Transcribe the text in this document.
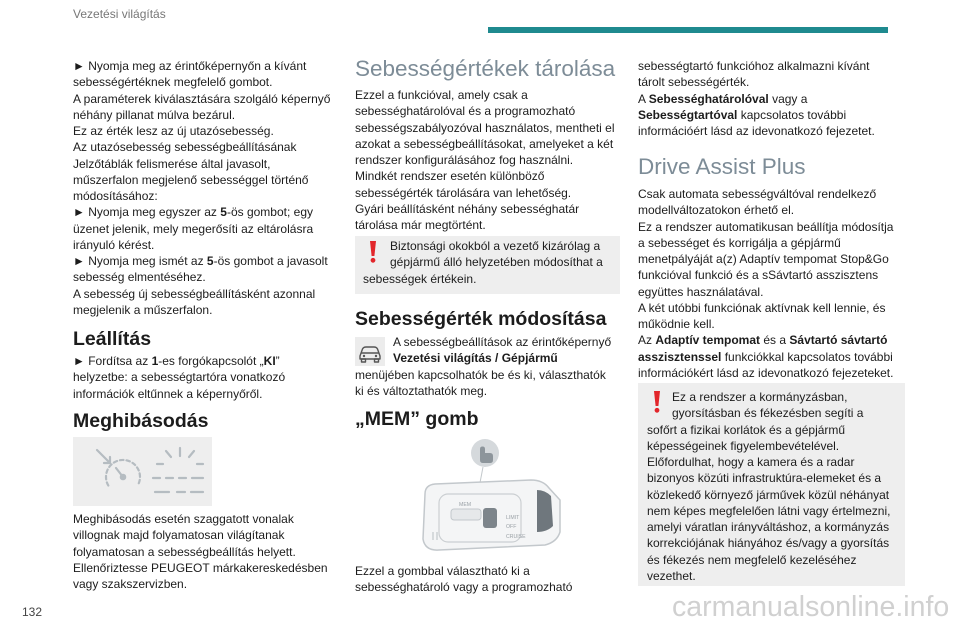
Vezetési világítás
► Nyomja meg az érintőképernyőn a kívánt
sebességértéknek megfelelő gombot.
A paraméterek kiválasztására szolgáló képernyő
néhány pillanat múlva bezárul.
Ez az érték lesz az új utazósebesség.
Az utazósebesség sebességbeállításának
Jelzőtáblák felismerése által javasolt,
műszerfalon megjelenő sebességgel történő
módosításához:
► Nyomja meg egyszer az 5-ös gombot; egy
üzenet jelenik, mely megerősíti az eltárolásra
irányuló kérést.
► Nyomja meg ismét az 5-ös gombot a javasolt
sebesség elmentéséhez.
A sebesség új sebességbeállításként azonnal
megjelenik a műszerfalon.
Leállítás
► Fordítsa az 1-es forgókapcsolót „KI”
helyzetbe: a sebességtartóra vonatkozó
információk eltűnnek a képernyőről.
Meghibásodás
Meghibásodás esetén szaggatott vonalak
villognak majd folyamatosan világítanak
folyamatosan a sebességbeállítás helyett.
Ellenőriztesse PEUGEOT márkakereskedésben
vagy szakszervizben.
Sebességértékek tárolása
Ezzel a funkcióval, amely csak a
sebességhatárolóval és a programozható
sebességszabályozóval használatos, mentheti el
azokat a sebességbeállításokat, amelyeket a két
rendszer konfigurálásához fog használni.
Mindkét rendszer esetén különböző
sebességérték tárolására van lehetőség.
Gyári beállításként néhány sebességhatár
tárolása már megtörtént.
Biztonsági okokból a vezető kizárólag a
gépjármű álló helyzetében módosíthat a
sebességek értékein.
Sebességérték módosítása
A sebességbeállítások az érintőképernyő
Vezetési világítás / Gépjármű
menüjében kapcsolhatók be és ki, választhatók
ki és változtathatók meg.
„MEM” gomb
MEM
LIMIT
OFF
CRUISE
Ezzel a gombbal választható ki a
sebességhatároló vagy a programozható
sebességtartó funkcióhoz alkalmazni kívánt
tárolt sebességérték.
A Sebességhatárolóval vagy a
Sebességtartóval kapcsolatos további
információért lásd az idevonatkozó fejezetet.
Drive Assist Plus
Csak automata sebességváltóval rendelkező
modellváltozatokon érhető el.
Ez a rendszer automatikusan beállítja módosítja
a sebességet és korrigálja a gépjármű
menetpályáját a(z) Adaptív tempomat Stop&Go
funkcióval funkció és a sSávtartó asszisztens
együttes használatával.
A két utóbbi funkciónak aktívnak kell lennie, és
működnie kell.
Az Adaptív tempomat és a Sávtartó sávtartó
asszisztenssel funkciókkal kapcsolatos további
információkért lásd az idevonatkozó fejezeteket.
Ez a rendszer a kormányzásban,
gyorsításban és fékezésben segíti a
sofőrt a fizikai korlátok és a gépjármű
képességeinek figyelembevételével.
Előfordulhat, hogy a kamera és a radar
bizonyos közúti infrastruktúra-elemeket és a
közlekedő környező járművek közül néhányat
nem képes megfelelően látni vagy értelmezni,
amelyi váratlan irányváltáshoz, a kormányzás
korrekciójának hiányához és/vagy a gyorsítás
és fékezés nem megfelelő kezeléséhez
vezethet.
132	carmanualsonline.info
